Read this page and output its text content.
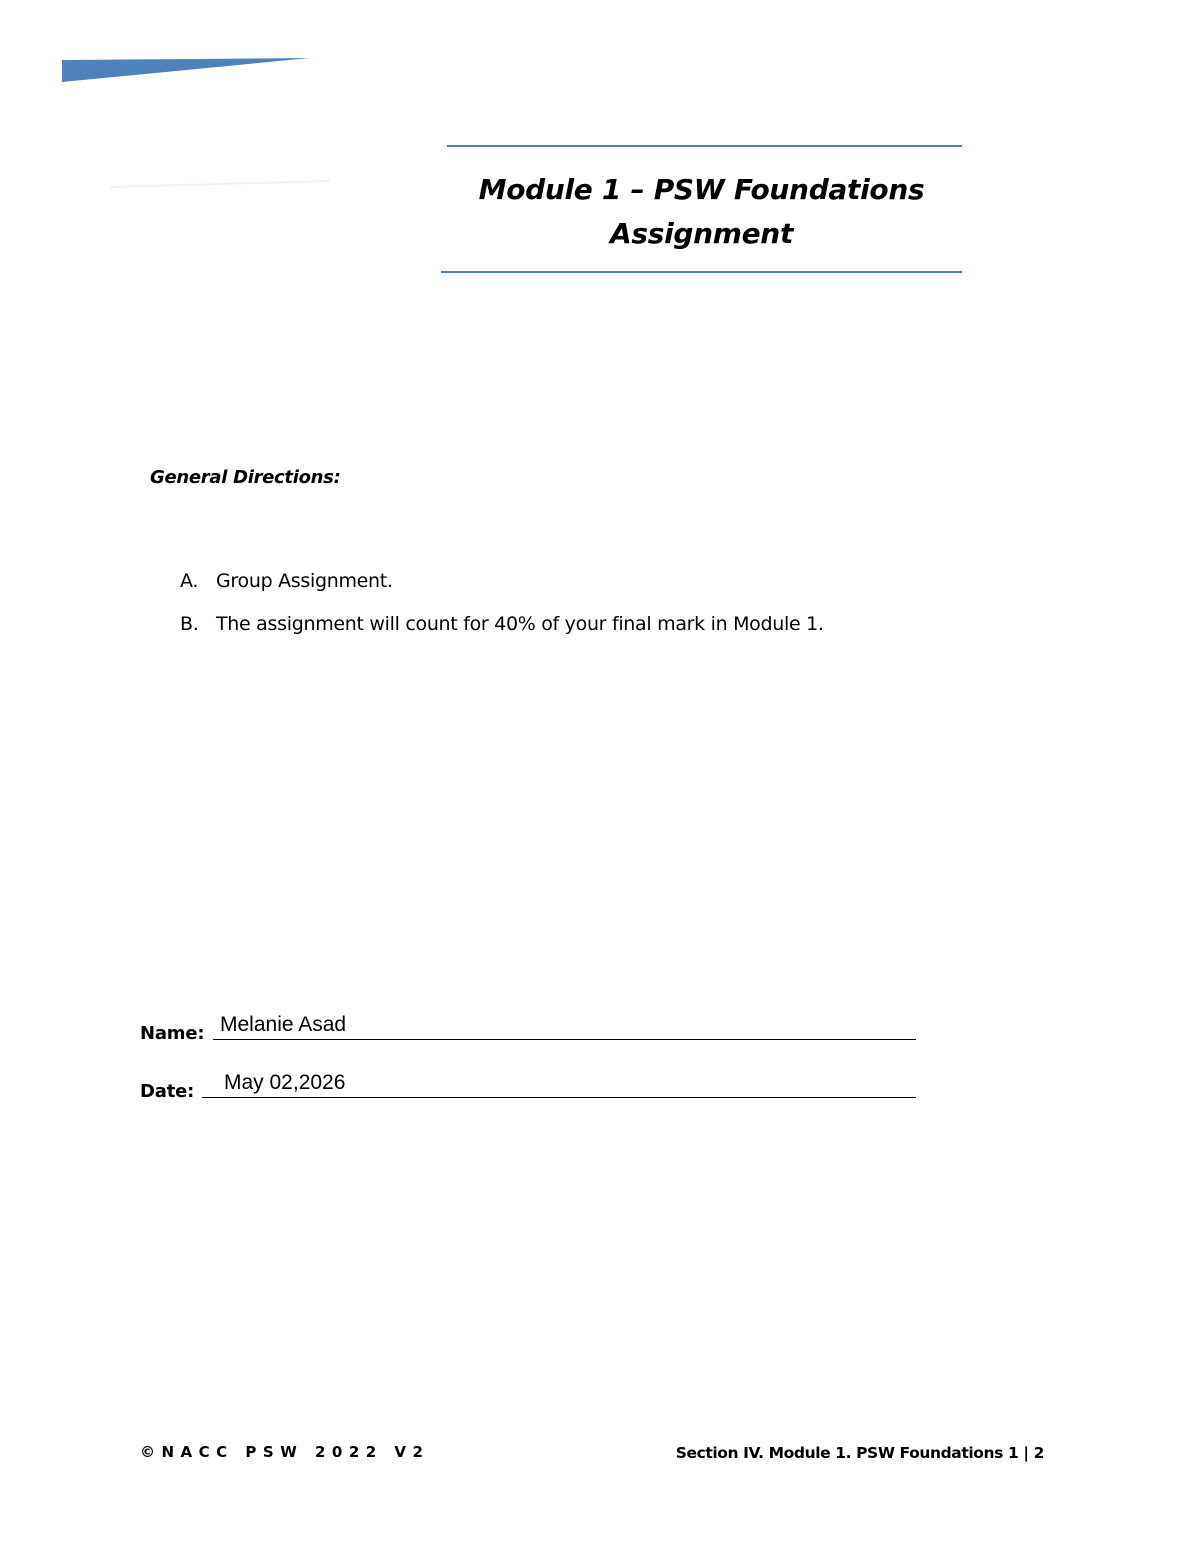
Module 1 – PSW Foundations
Assignment
General Directions:
A. Group Assignment.
B. The assignment will count for 40% of your final mark in Module 1.
Name: Melanie Asad
Date: May 02,2026
©NACC PSW 2022 V2	Section IV. Module 1. PSW Foundations 1 | 2
